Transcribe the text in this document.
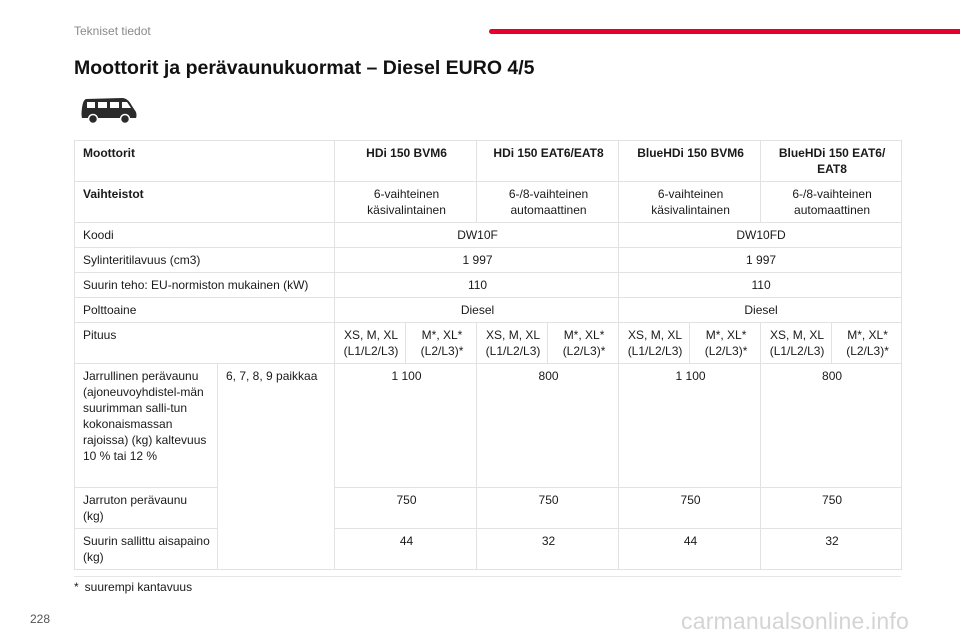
Tekniset tiedot
Moottorit ja perävaunukuormat – Diesel EURO 4/5
Moottorit		HDi 150 BVM6		HDi 150 EAT6/EAT8		BlueHDi 150 BVM6		BlueHDi 150 EAT6/ EAT8	
Vaihteistot		6-vaihteinen käsivalintainen		6-/8-vaihteinen automaattinen		6-vaihteinen käsivalintainen		6-/8-vaihteinen automaattinen	
Koodi		DW10F				DW10FD			
Sylinteritilavuus (cm3)		1 997				1 997			
Suurin teho: EU-normiston mukainen (kW)		110				110			
Polttoaine		Diesel				Diesel			
Pituus		XS, M, XL (L1/L2/L3)	M*, XL* (L2/L3)*	XS, M, XL (L1/L2/L3)	M*, XL* (L2/L3)*	XS, M, XL (L1/L2/L3)	M*, XL* (L2/L3)*	XS, M, XL (L1/L2/L3)	M*, XL* (L2/L3)*
Jarrullinen perävaunu (ajoneuvoyhdistel-män suurimman salli-tun kokonaismassan rajoissa) (kg) kaltevuus 10 % tai 12 %	6, 7, 8, 9 paikkaa	1 100		800		1 100		800	
Jarruton perävaunu (kg)		750		750		750		750	
Suurin sallittu aisapaino (kg)		44		32		44		32	
* suurempi kantavuus
228	carmanualsonline.info
